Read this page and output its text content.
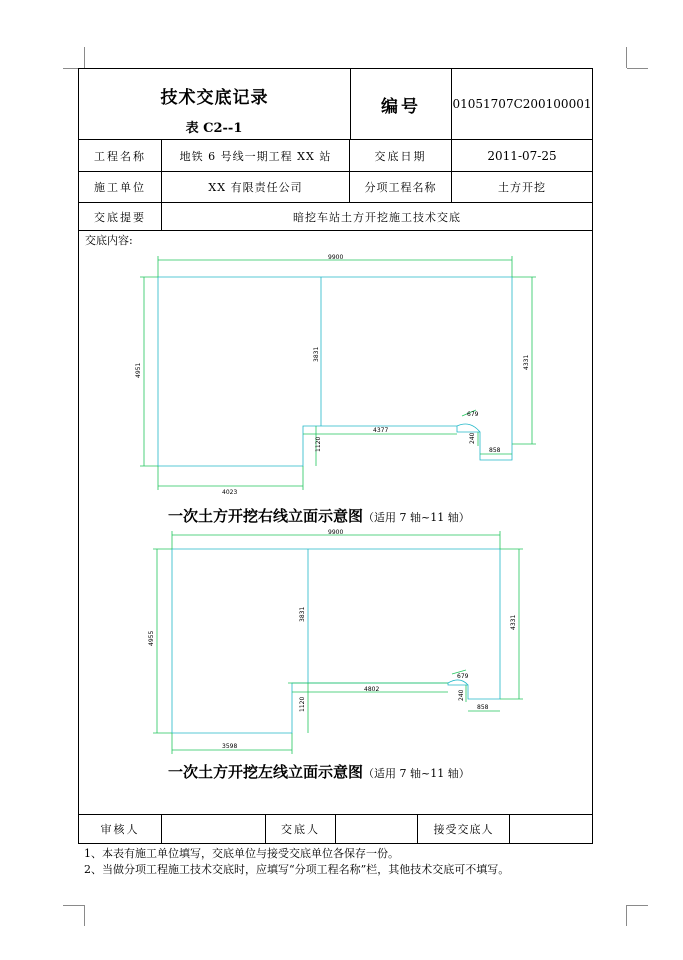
技术交底记录
表 C2--1
编号	01051707C200100001
工程名称	地铁 6 号线一期工程 XX 站	交底日期	2011-07-25
施工单位	XX 有限责任公司	分项工程名称	土方开挖
交底提要	暗挖车站土方开挖施工技术交底
交底内容:
审核人	交底人	接受交底人
9900
4951
3831
4331
4023
1120
4377
679
240
858
9900
4955
3831
4331
3598
1120
4802
679
240
858
一次土方开挖右线立面示意图（适用 7 轴~11 轴）
一次土方开挖左线立面示意图（适用 7 轴~11 轴）
1、本表有施工单位填写，交底单位与接受交底单位各保存一份。
2、当做分项工程施工技术交底时，应填写“分项工程名称”栏，其他技术交底可不填写。
